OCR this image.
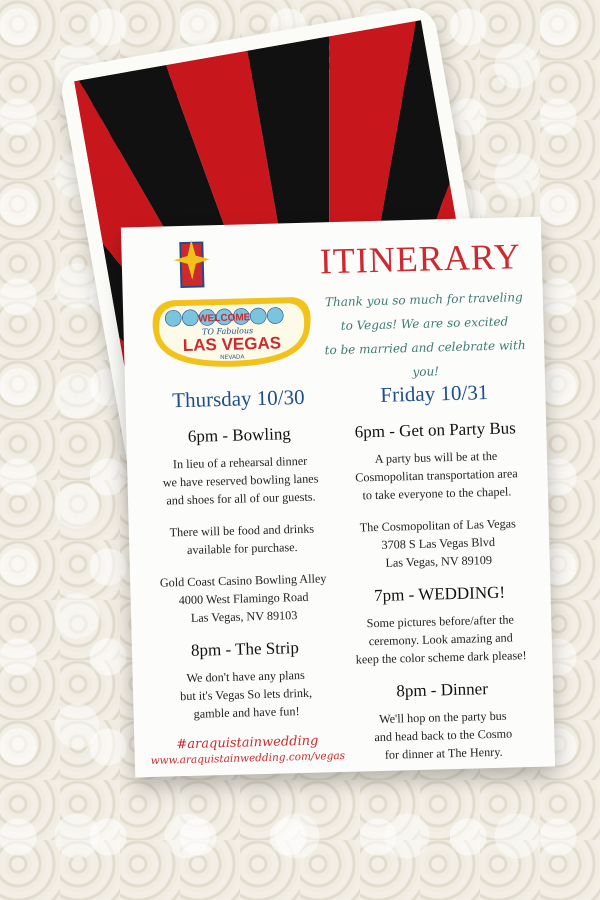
WELCOME
TO Fabulous
LAS VEGAS
NEVADA
ITINERARY
Thank you so much for traveling
to Vegas! We are so excited
to be married and celebrate with you!
Thursday 10/30
6pm - Bowling
In lieu of a rehearsal dinner
we have reserved bowling lanes
and shoes for all of our guests.
There will be food and drinks
available for purchase.
Gold Coast Casino Bowling Alley
4000 West Flamingo Road
Las Vegas, NV 89103
8pm - The Strip
We don't have any plans
but it's Vegas So lets drink,
gamble and have fun!
#araquistainwedding
www.araquistainwedding.com/vegas
Friday 10/31
6pm - Get on Party Bus
A party bus will be at the
Cosmopolitan transportation area
to take everyone to the chapel.
The Cosmopolitan of Las Vegas
3708 S Las Vegas Blvd
Las Vegas, NV 89109
7pm - WEDDING!
Some pictures before/after the
ceremony. Look amazing and
keep the color scheme dark please!
8pm - Dinner
We'll hop on the party bus
and head back to the Cosmo
for dinner at The Henry.
